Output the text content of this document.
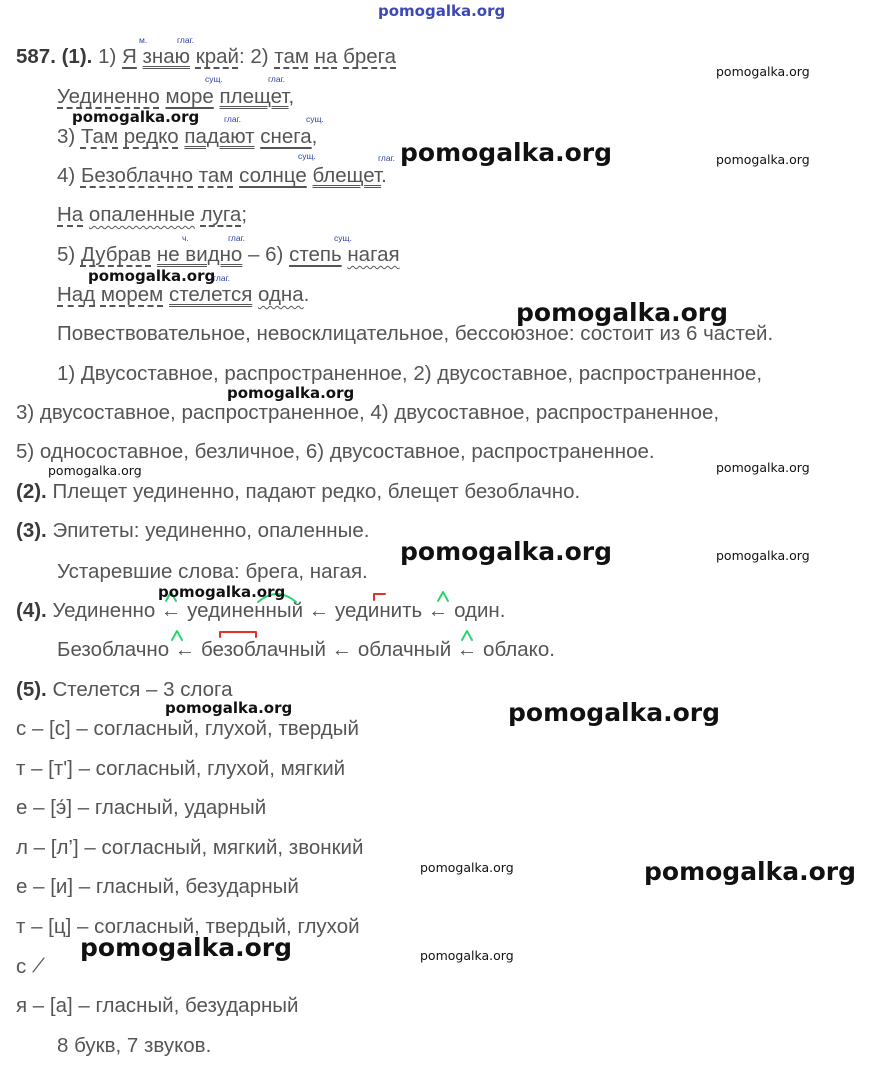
pomogalka.org
587. (1). 1) Я знаю край: 2) там на брега
Уединенно море плещет,
3) Там редко падают снега,
4) Безоблачно там солнце блещет.
На опаленные луга;
5) Дубрав не видно – 6) степь нагая
Над морем стелется одна.
м.	глаг.
сущ.	глаг.
глаг.	сущ.
сущ.	глаг.
ч.	глаг.	сущ.
глаг.
Повествовательное, невосклицательное, бессоюзное: состоит из 6 частей.
1) Двусоставное, распространенное, 2) двусоставное, распространенное,
3) двусоставное, распространенное, 4) двусоставное, распространенное,
5) односоставное, безличное, 6) двусоставное, распространенное.
(2). Плещет уединенно, падают редко, блещет безоблачно.
(3). Эпитеты: уединенно, опаленные.
Устаревшие слова: брега, нагая.
(4). Уединенно ← уединенный ← уединить ← один.
Безоблачно ← безоблачный ← облачный ← облако.
(5). Стелется – 3 слога
с – [с] – согласный, глухой, твердый
т – [т'] – согласный, глухой, мягкий
е – [э́] – гласный, ударный
л – [л’] – согласный, мягкий, звонкий
е – [и] – гласный, безударный
т – [ц] – согласный, твердый, глухой
с
я – [а] – гласный, безударный
8 букв, 7 звуков.
pomogalka.org
pomogalka.org
pomogalka.org	pomogalka.org
pomogalka.org
pomogalka.org
pomogalka.org
pomogalka.org
pomogalka.org
pomogalka.org	pomogalka.org
pomogalka.org
pomogalka.org	pomogalka.org
pomogalka.org	pomogalka.org
pomogalka.org	pomogalka.org
